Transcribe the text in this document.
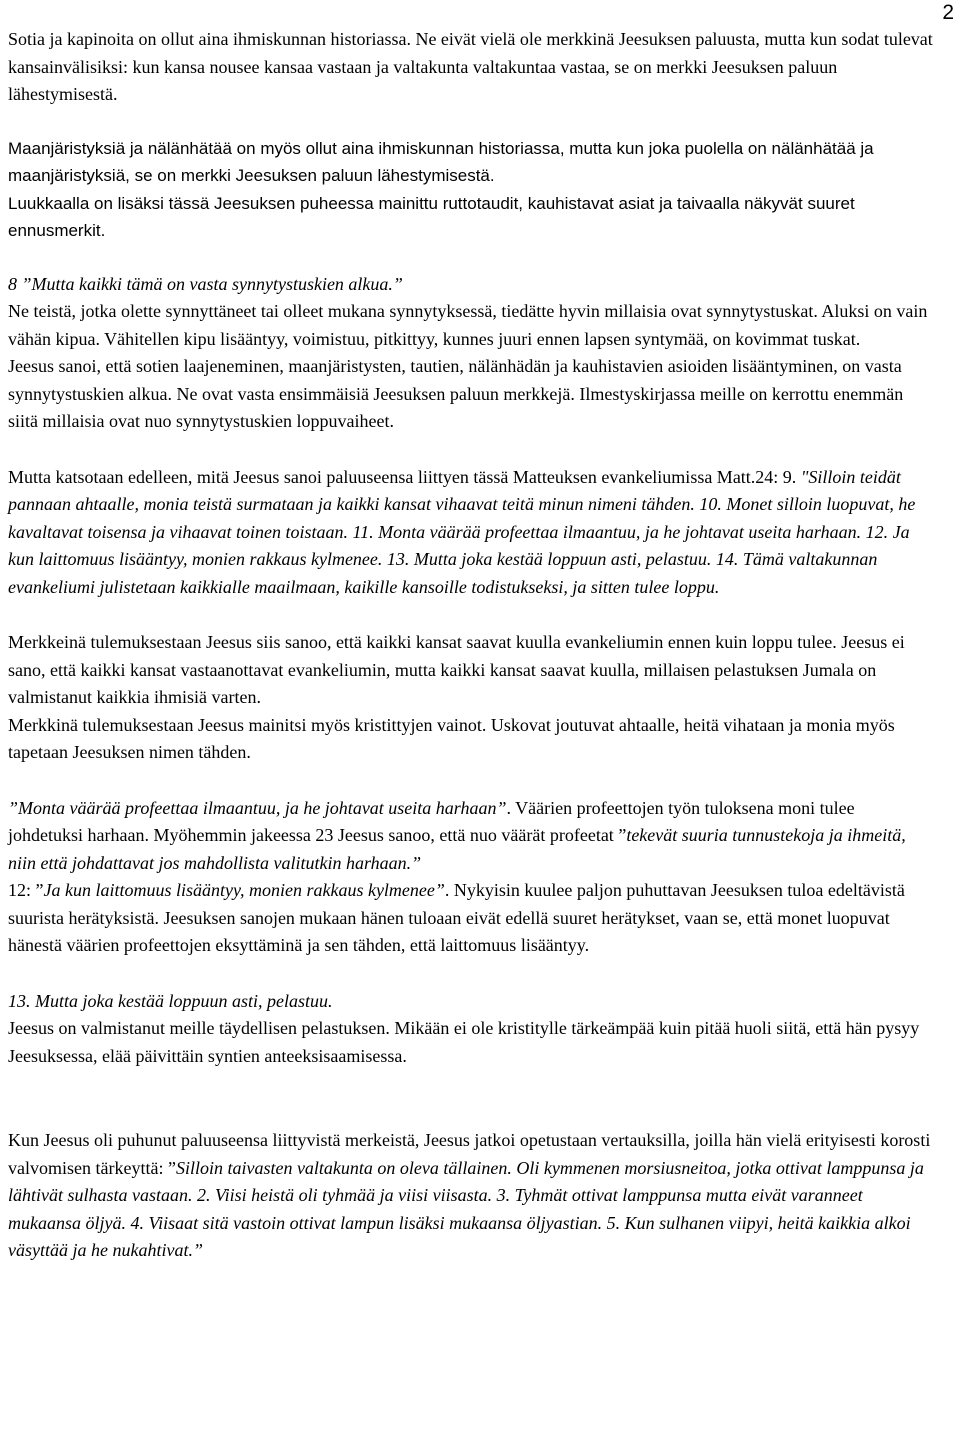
2

Sotia ja kapinoita on ollut aina ihmiskunnan historiassa. Ne eivät vielä ole merkkinä Jeesuksen paluusta, mutta kun sodat tulevat kansainvälisiksi: kun kansa nousee kansaa vastaan ja valtakunta valtakuntaa vastaa, se on merkki Jeesuksen paluun lähestymisestä.

Maanjäristyksiä ja nälänhätää on myös ollut aina ihmiskunnan historiassa, mutta kun joka puolella on nälänhätää ja maanjäristyksiä, se on merkki Jeesuksen paluun lähestymisestä.

Luukkaalla on lisäksi tässä Jeesuksen puheessa mainittu ruttotaudit, kauhistavat asiat ja taivaalla näkyvät suuret ennusmerkit.

8 ”Mutta kaikki tämä on vasta synnytystuskien alkua.”

Ne teistä, jotka olette synnyttäneet tai olleet mukana synnytyksessä, tiedätte hyvin millaisia ovat synnytystuskat. Aluksi on vain vähän kipua. Vähitellen kipu lisääntyy, voimistuu, pitkittyy, kunnes juuri ennen lapsen syntymää, on kovimmat tuskat.

Jeesus sanoi, että sotien laajeneminen, maanjäristysten, tautien, nälänhädän ja kauhistavien asioiden lisääntyminen, on vasta synnytystuskien alkua. Ne ovat vasta ensimmäisiä Jeesuksen paluun merkkejä. Ilmestyskirjassa meille on kerrottu enemmän siitä millaisia ovat nuo synnytystuskien loppuvaiheet.

Mutta katsotaan edelleen, mitä Jeesus sanoi paluuseensa liittyen tässä Matteuksen evankeliumissa Matt.24: 9. "Silloin teidät pannaan ahtaalle, monia teistä surmataan ja kaikki kansat vihaavat teitä minun nimeni tähden. 10. Monet silloin luopuvat, he kavaltavat toisensa ja vihaavat toinen toistaan. 11. Monta väärää profeettaa ilmaantuu, ja he johtavat useita harhaan. 12. Ja kun laittomuus lisääntyy, monien rakkaus kylmenee. 13. Mutta joka kestää loppuun asti, pelastuu. 14. Tämä valtakunnan evankeliumi julistetaan kaikkialle maailmaan, kaikille kansoille todistukseksi, ja sitten tulee loppu.

Merkkeinä tulemuksestaan Jeesus siis sanoo, että kaikki kansat saavat kuulla evankeliumin ennen kuin loppu tulee. Jeesus ei sano, että kaikki kansat vastaanottavat evankeliumin, mutta kaikki kansat saavat kuulla, millaisen pelastuksen Jumala on valmistanut kaikkia ihmisiä varten.

Merkkinä tulemuksestaan Jeesus mainitsi myös kristittyjen vainot. Uskovat joutuvat ahtaalle, heitä vihataan ja monia myös tapetaan Jeesuksen nimen tähden.

”Monta väärää profeettaa ilmaantuu, ja he johtavat useita harhaan”. Väärien profeettojen työn tuloksena moni tulee johdetuksi harhaan. Myöhemmin jakeessa 23 Jeesus sanoo, että nuo väärät profeetat ”tekevät suuria tunnustekoja ja ihmeitä, niin että johdattavat jos mahdollista valitutkin harhaan.”

12: ”Ja kun laittomuus lisääntyy, monien rakkaus kylmenee”. Nykyisin kuulee paljon puhuttavan Jeesuksen tuloa edeltävistä suurista herätyksistä. Jeesuksen sanojen mukaan hänen tuloaan eivät edellä suuret herätykset, vaan se, että monet luopuvat hänestä väärien profeettojen eksyttäminä ja sen tähden, että laittomuus lisääntyy.

13. Mutta joka kestää loppuun asti, pelastuu.

Jeesus on valmistanut meille täydellisen pelastuksen. Mikään ei ole kristitylle tärkeämpää kuin pitää huoli siitä, että hän pysyy Jeesuksessa, elää päivittäin syntien anteeksisaamisessa.

Kun Jeesus oli puhunut paluuseensa liittyvistä merkeistä, Jeesus jatkoi opetustaan vertauksilla, joilla hän vielä erityisesti korosti valvomisen tärkeyttä: ”Silloin taivasten valtakunta on oleva tällainen. Oli kymmenen morsiusneitoa, jotka ottivat lamppunsa ja lähtivät sulhasta vastaan. 2. Viisi heistä oli tyhmää ja viisi viisasta. 3. Tyhmät ottivat lamppunsa mutta eivät varanneet mukaansa öljyä. 4. Viisaat sitä vastoin ottivat lampun lisäksi mukaansa öljyastian. 5. Kun sulhanen viipyi, heitä kaikkia alkoi väsyttää ja he nukahtivat.”
